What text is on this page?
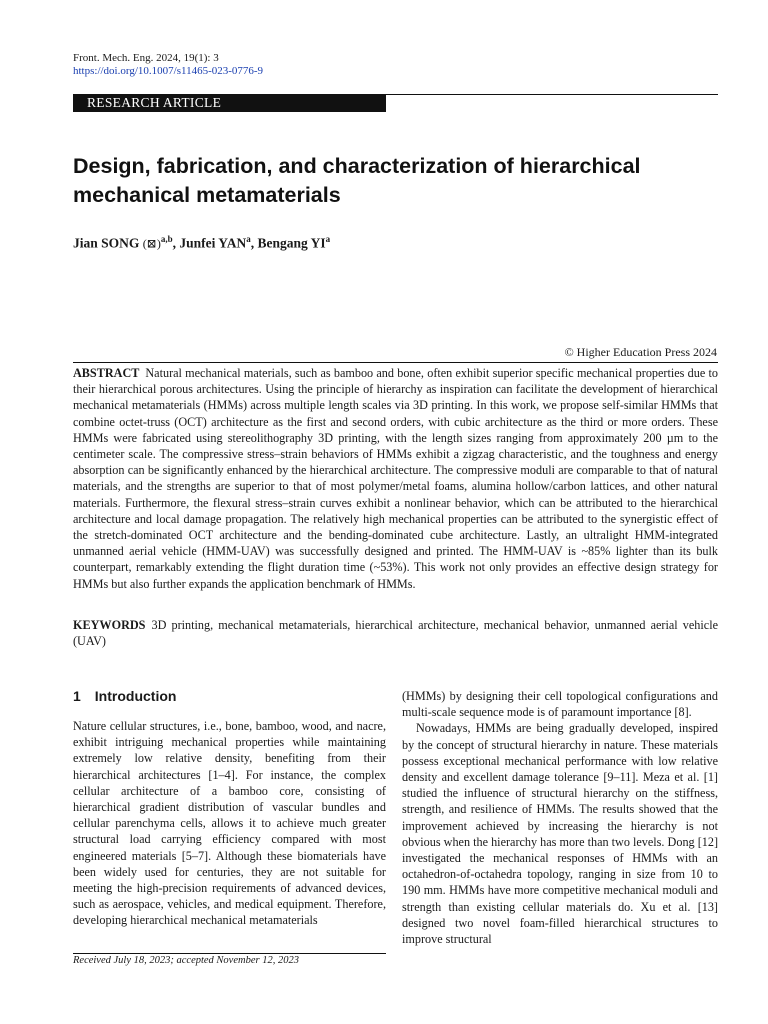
Front. Mech. Eng. 2024, 19(1): 3
https://doi.org/10.1007/s11465-023-0776-9
RESEARCH ARTICLE
Design, fabrication, and characterization of hierarchical mechanical metamaterials
Jian SONG (⊠)$^{a,b}$, Junfei YAN$^a$, Bengang $YI^a$
© Higher Education Press 2024

ABSTRACT Natural mechanical materials, such as bamboo and bone, often exhibit superior specific mechanical properties due to their hierarchical porous architectures. Using the principle of hierarchy as inspiration can facilitate the development of hierarchical mechanical metamaterials (HMMs) across multiple length scales via 3D printing. In this work, we propose self-similar HMMs that combine octet-truss (OCT) architecture as the first and second orders, with cubic architecture as the third or more orders. These HMMs were fabricated using stereolithography 3D printing, with the length sizes ranging from approximately 200 µm to the centimeter scale. The compressive stress–strain behaviors of HMMs exhibit a zigzag characteristic, and the toughness and energy absorption can be significantly enhanced by the hierarchical architecture. The compressive moduli are comparable to that of natural materials, and the strengths are superior to that of most polymer/metal foams, alumina hollow/carbon lattices, and other natural materials. Furthermore, the flexural stress–strain curves exhibit a nonlinear behavior, which can be attributed to the hierarchical architecture and local damage propagation. The relatively high mechanical properties can be attributed to the synergistic effect of the stretch-dominated OCT architecture and the bending-dominated cube architecture. Lastly, an ultralight HMM-integrated unmanned aerial vehicle (HMM-UAV) was successfully designed and printed. The HMM-UAV is ~85% lighter than its bulk counterpart, remarkably extending the flight duration time (~53%). This work not only provides an effective design strategy for HMMs but also further expands the application benchmark of HMMs.

KEYWORDS 3D printing, mechanical metamaterials, hierarchical architecture, mechanical behavior, unmanned aerial vehicle (UAV)

1 Introduction

Nature cellular structures, i.e., bone, bamboo, wood, and nacre, exhibit intriguing mechanical properties while maintaining extremely low relative density, benefiting from their hierarchical architectures [1–4]. For instance, the complex cellular architecture of a bamboo core, consisting of hierarchical gradient distribution of vascular bundles and cellular parenchyma cells, allows it to achieve much greater structural load carrying efficiency compared with most engineered materials [5–7]. Although these biomaterials have been widely used for centuries, they are not suitable for meeting the high-precision requirements of advanced devices, such as aerospace, vehicles, and medical equipment. Therefore, developing hierarchical mechanical metamaterials

(HMMs) by designing their cell topological configurations and multi-scale sequence mode is of paramount importance [8].

Nowadays, HMMs are being gradually developed, inspired by the concept of structural hierarchy in nature. These materials possess exceptional mechanical performance with low relative density and excellent damage tolerance [9–11]. Meza et al. [1] studied the influence of structural hierarchy on the stiffness, strength, and resilience of HMMs. The results showed that the improvement achieved by increasing the hierarchy is not obvious when the hierarchy has more than two levels. Dong [12] investigated the mechanical responses of HMMs with an octahedron-of-octahedra topology, ranging in size from 10 to 190 mm. HMMs have more competitive mechanical moduli and strength than existing cellular materials do. Xu et al. [13] designed two novel foam-filled hierarchical structures to improve structural

Received July 18, 2023; accepted November 12, 2023
